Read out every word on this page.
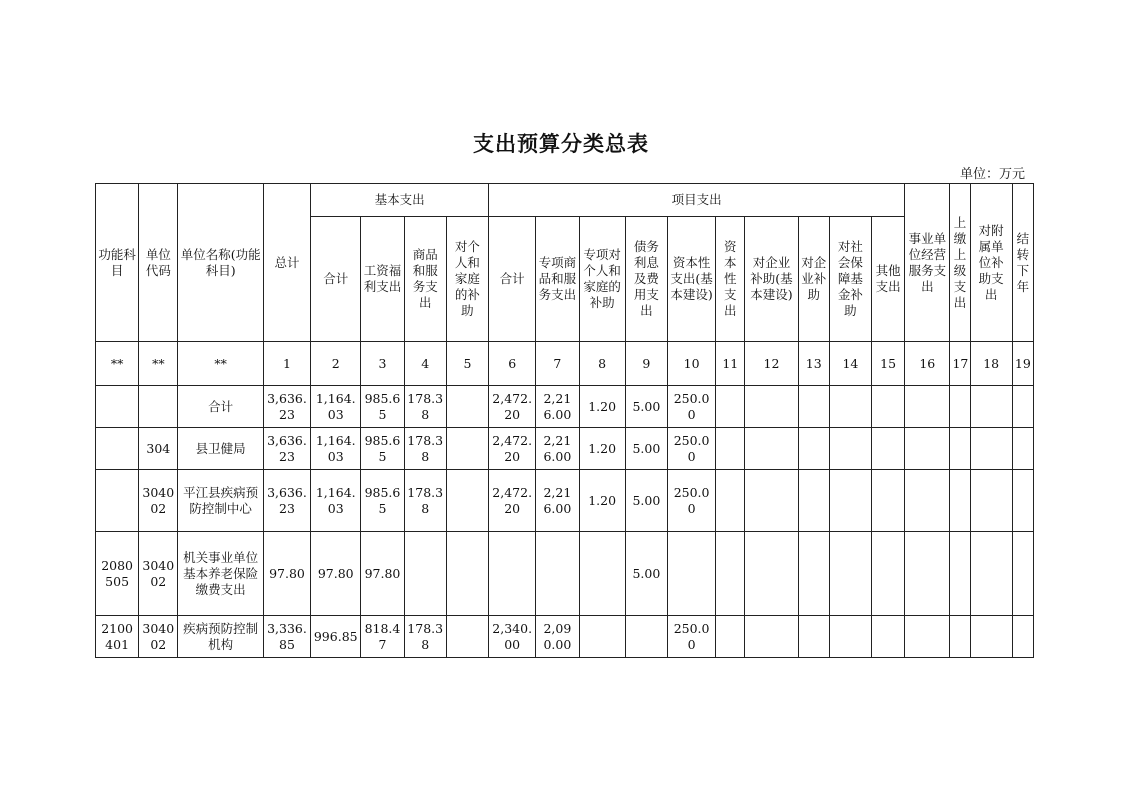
支出预算分类总表
单位：万元
功能科目	单位代码	单位名称(功能科目)	总计	基本支出				项目支出										事业单位经营服务支出	上缴上级支出	对附属单位补助支出	结转下年
				合计	工资福利支出	商品和服务支出	对个人和家庭的补助	合计	专项商品和服务支出	专项对个人和家庭的补助	债务利息及费用支出	资本性支出(基本建设)	资本性支出	对企业补助(基本建设)	对企业补助	对社会保障基金补助	其他支出				
**	**	**	1	2	3	4	5	6	7	8	9	10	11	12	13	14	15	16	17	18	19
		合计	3,636.23	1,164.03	985.65	178.38		2,472.20	2,216.00	1.20	5.00	250.00									
	304	县卫健局	3,636.23	1,164.03	985.65	178.38		2,472.20	2,216.00	1.20	5.00	250.00									
	304002	平江县疾病预防控制中心	3,636.23	1,164.03	985.65	178.38		2,472.20	2,216.00	1.20	5.00	250.00									
2080505	304002	机关事业单位基本养老保险缴费支出	97.80	97.80	97.80						5.00										
2100401	304002	疾病预防控制机构	3,336.85	996.85	818.47	178.38		2,340.00	2,090.00			250.00									
